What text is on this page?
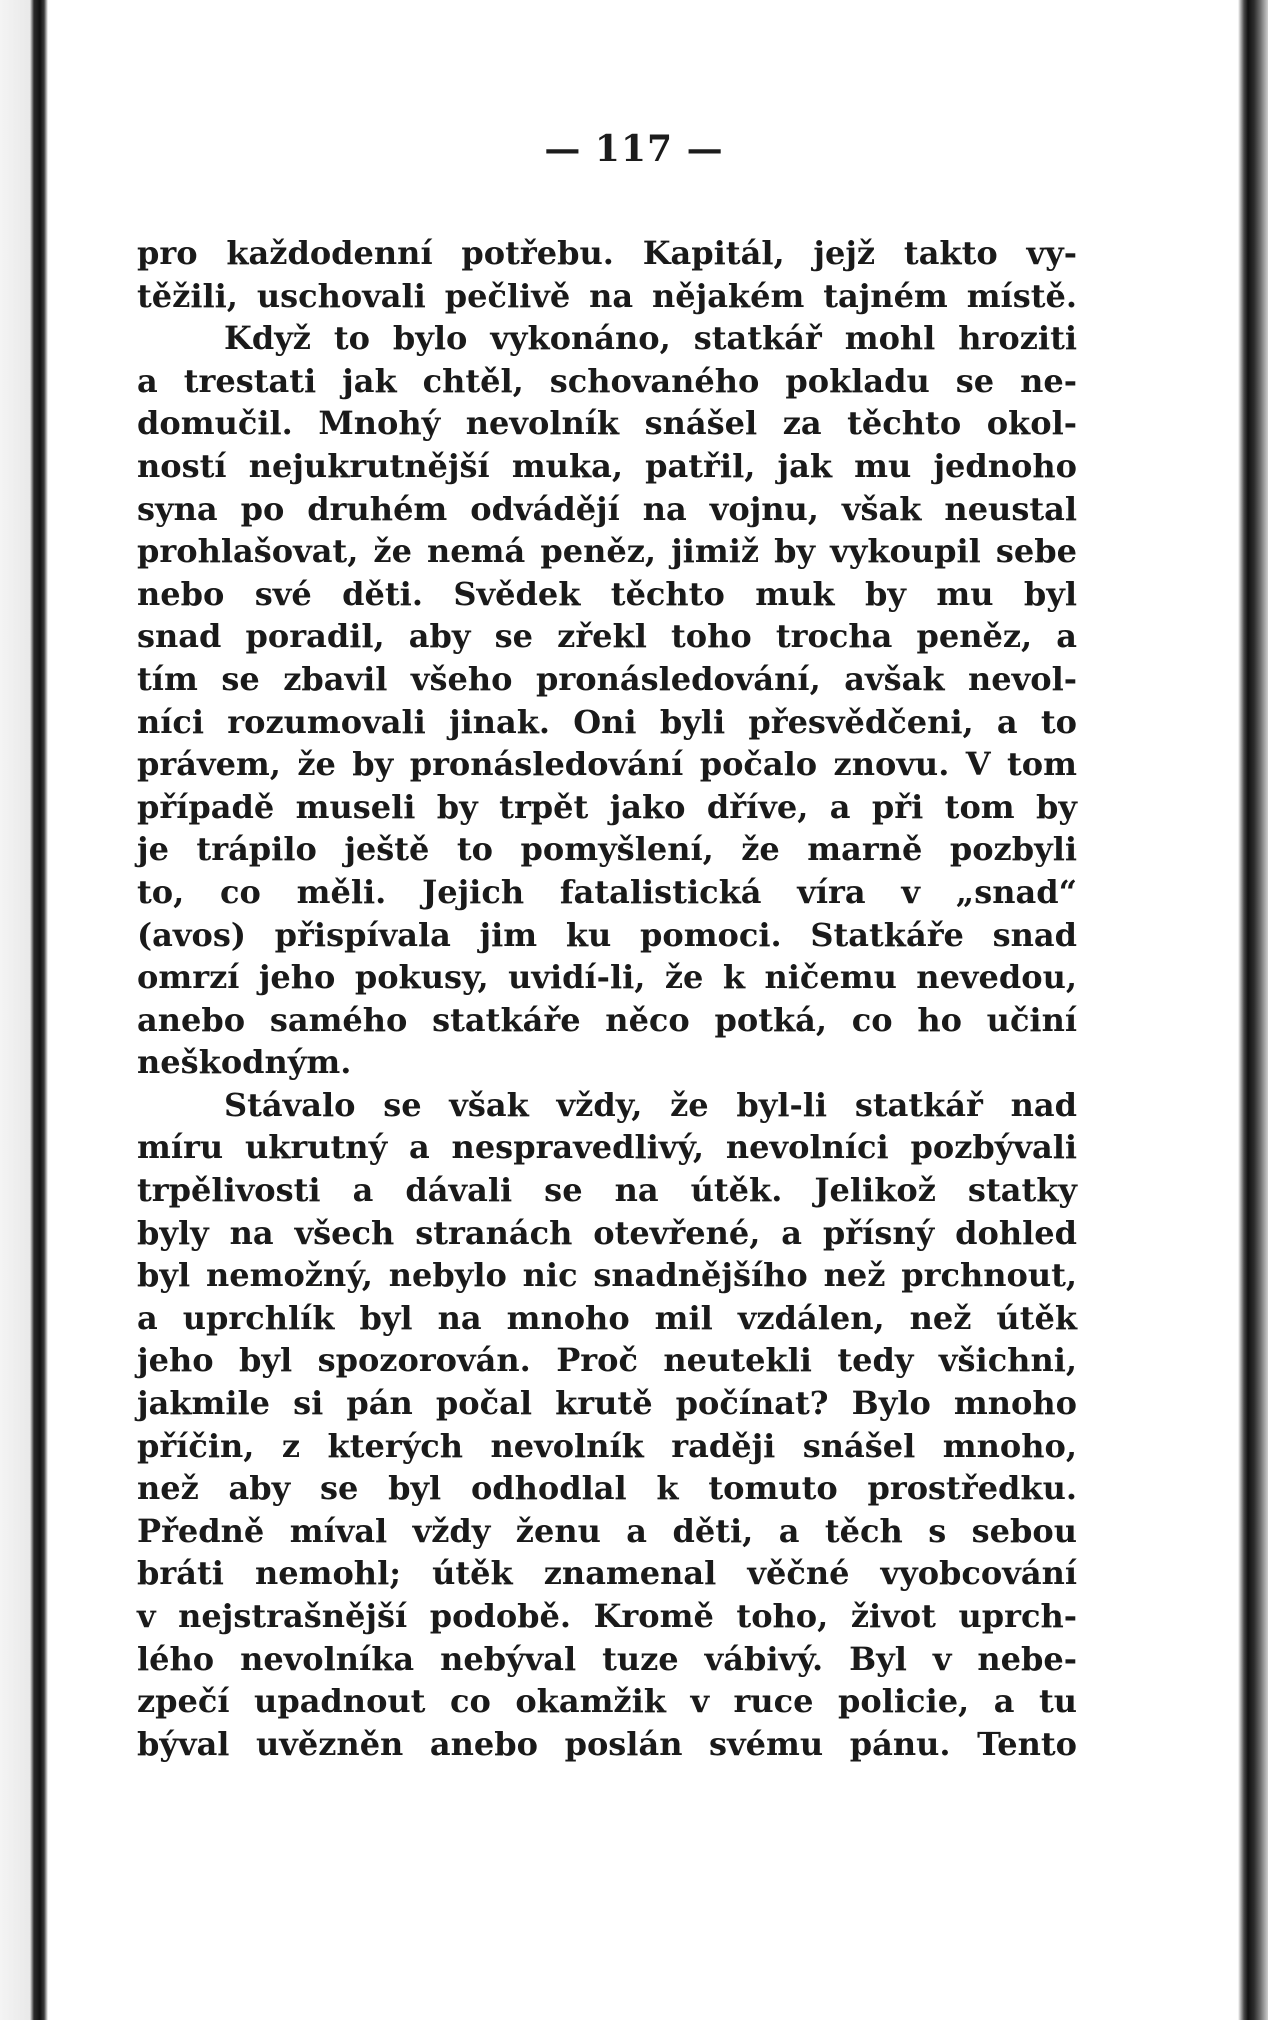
— 117 —
pro každodenní potřebu. Kapitál, jejž takto vy-
těžili, uschovali pečlivě na nějakém tajném místě.
Když to bylo vykonáno, statkář mohl hroziti
a trestati jak chtěl, schovaného pokladu se ne-
domučil. Mnohý nevolník snášel za těchto okol-
ností nejukrutnější muka, patřil, jak mu jednoho
syna po druhém odvádějí na vojnu, však neustal
prohlašovat, že nemá peněz, jimiž by vykoupil sebe
nebo své děti. Svědek těchto muk by mu byl
snad poradil, aby se zřekl toho trocha peněz, a
tím se zbavil všeho pronásledování, avšak nevol-
níci rozumovali jinak. Oni byli přesvědčeni, a to
právem, že by pronásledování počalo znovu. V tom
případě museli by trpět jako dříve, a při tom by
je trápilo ještě to pomyšlení, že marně pozbyli
to, co měli. Jejich fatalistická víra v „snad“
(avos) přispívala jim ku pomoci. Statkáře snad
omrzí jeho pokusy, uvidí-li, že k ničemu nevedou,
anebo samého statkáře něco potká, co ho učiní
neškodným.
Stávalo se však vždy, že byl-li statkář nad
míru ukrutný a nespravedlivý, nevolníci pozbývali
trpělivosti a dávali se na útěk. Jelikož statky
byly na všech stranách otevřené, a přísný dohled
byl nemožný, nebylo nic snadnějšího než prchnout,
a uprchlík byl na mnoho mil vzdálen, než útěk
jeho byl spozorován. Proč neutekli tedy všichni,
jakmile si pán počal krutě počínat? Bylo mnoho
příčin, z kterých nevolník raději snášel mnoho,
než aby se byl odhodlal k tomuto prostředku.
Předně míval vždy ženu a děti, a těch s sebou
bráti nemohl; útěk znamenal věčné vyobcování
v nejstrašnější podobě. Kromě toho, život uprch-
lého nevolníka nebýval tuze vábivý. Byl v nebe-
zpečí upadnout co okamžik v ruce policie, a tu
býval uvězněn anebo poslán svému pánu. Tento
